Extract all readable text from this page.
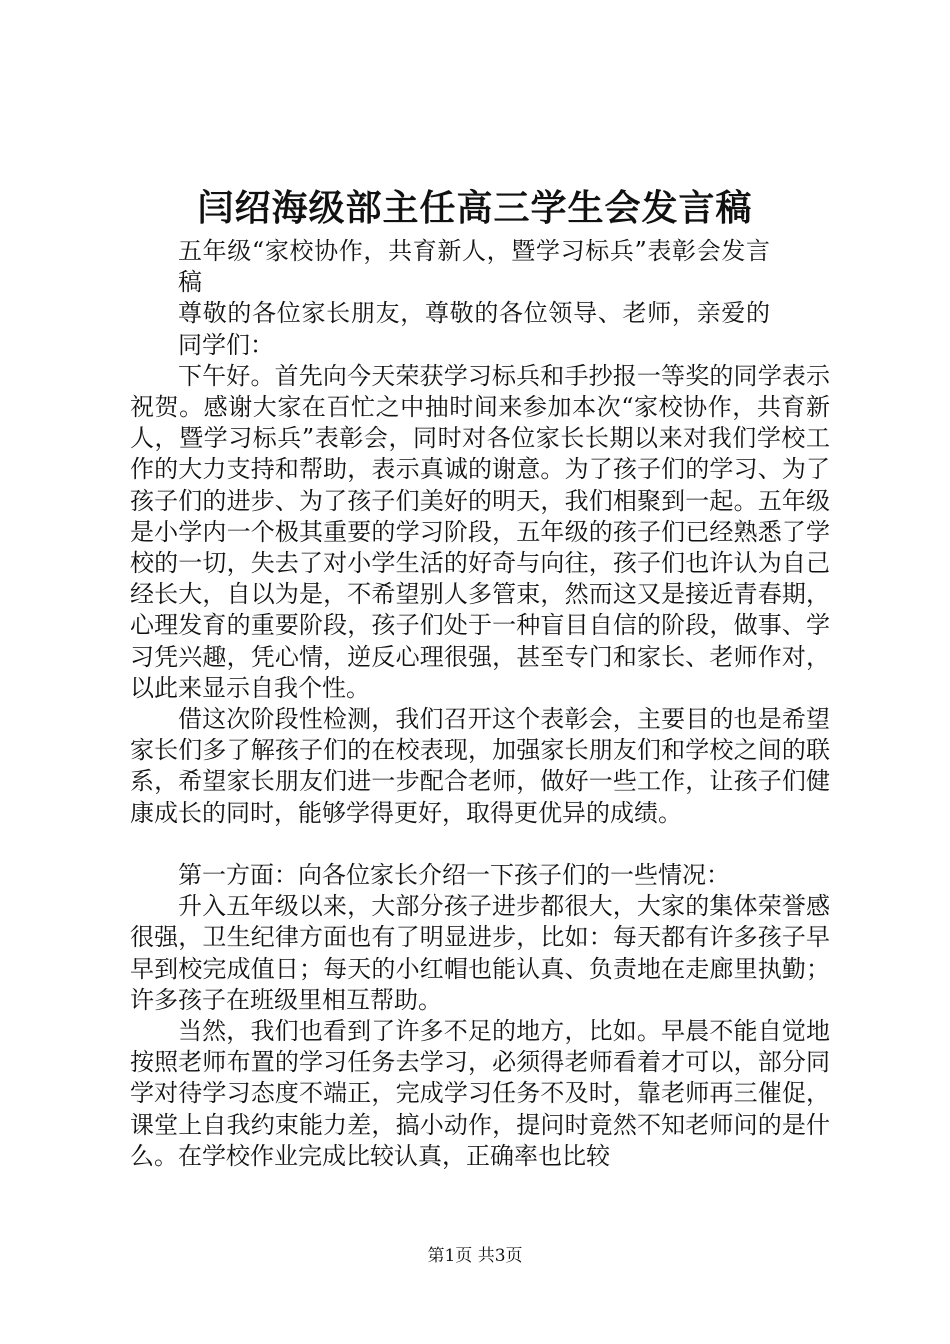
闫绍海级部主任高三学生会发言稿

五年级“家校协作，共育新人，暨学习标兵”表彰会发言稿

尊敬的各位家长朋友，尊敬的各位领导、老师，亲爱的同学们：

下午好。首先向今天荣获学习标兵和手抄报一等奖的同学表示祝贺。感谢大家在百忙之中抽时间来参加本次“家校协作，共育新人，暨学习标兵”表彰会，同时对各位家长长期以来对我们学校工作的大力支持和帮助，表示真诚的谢意。为了孩子们的学习、为了孩子们的进步、为了孩子们美好的明天，我们相聚到一起。五年级是小学内一个极其重要的学习阶段，五年级的孩子们已经熟悉了学校的一切，失去了对小学生活的好奇与向往，孩子们也许认为自己经长大，自以为是，不希望别人多管束，然而这又是接近青春期，心理发育的重要阶段，孩子们处于一种盲目自信的阶段，做事、学习凭兴趣，凭心情，逆反心理很强，甚至专门和家长、老师作对，以此来显示自我个性。

借这次阶段性检测，我们召开这个表彰会，主要目的也是希望家长们多了解孩子们的在校表现，加强家长朋友们和学校之间的联系，希望家长朋友们进一步配合老师，做好一些工作，让孩子们健康成长的同时，能够学得更好，取得更优异的成绩。

第一方面：向各位家长介绍一下孩子们的一些情况：

升入五年级以来，大部分孩子进步都很大，大家的集体荣誉感很强，卫生纪律方面也有了明显进步，比如：每天都有许多孩子早早到校完成值日；每天的小红帽也能认真、负责地在走廊里执勤；许多孩子在班级里相互帮助。

当然，我们也看到了许多不足的地方，比如。早晨不能自觉地按照老师布置的学习任务去学习，必须得老师看着才可以，部分同学对待学习态度不端正，完成学习任务不及时，靠老师再三催促，课堂上自我约束能力差，搞小动作，提问时竟然不知老师问的是什么。在学校作业完成比较认真，正确率也比较

第1页 共3页
